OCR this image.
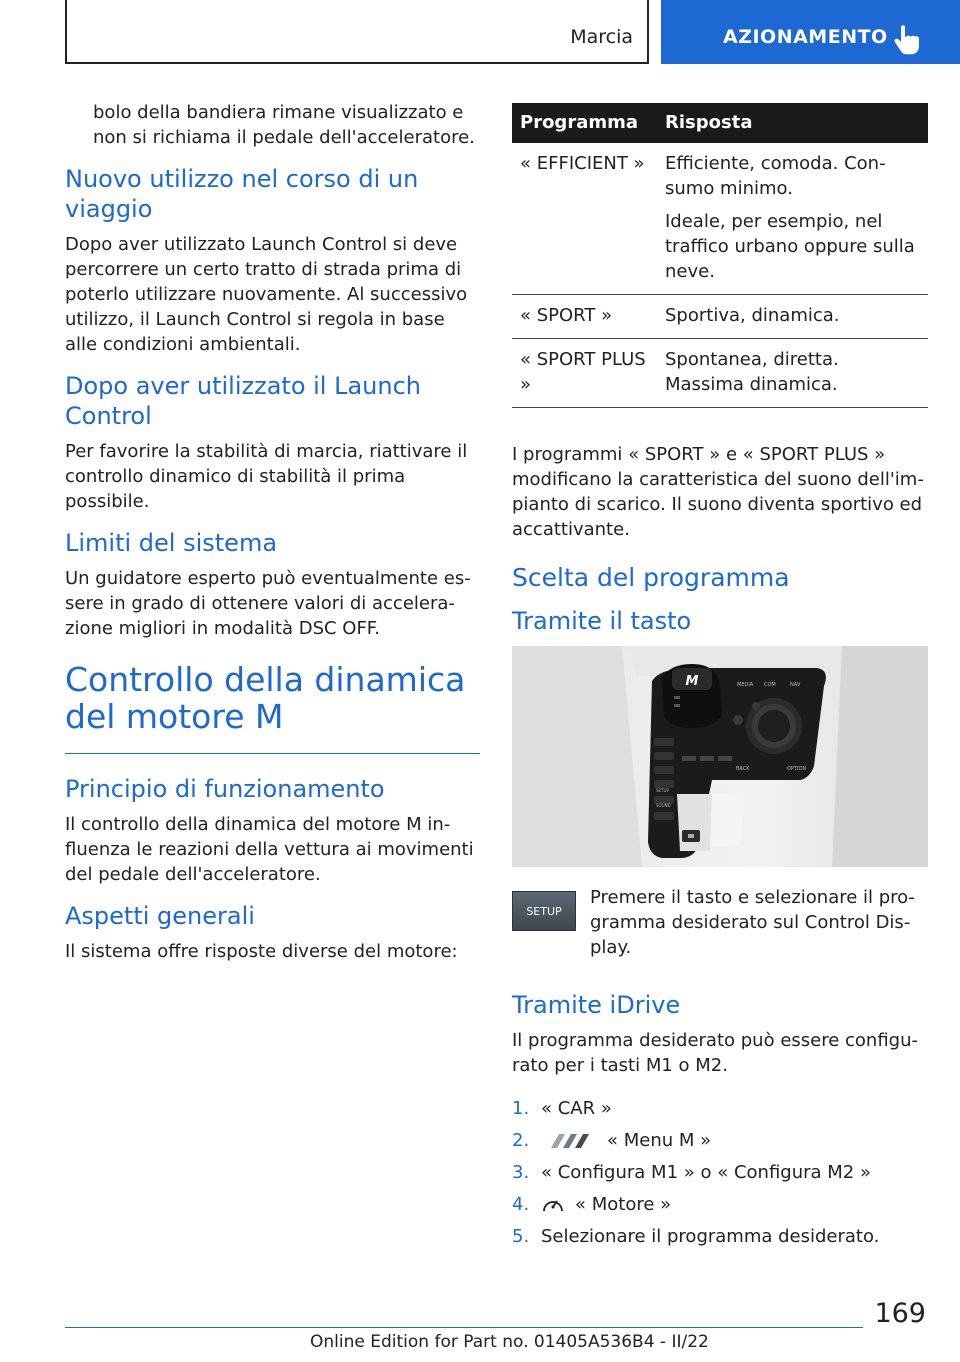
Marcia	AZIONAMENTO

bolo della bandiera rimane visualizzato e non si richiama il pedale dell'acceleratore.

Nuovo utilizzo nel corso di un viaggio

Dopo aver utilizzato Launch Control si deve percorrere un certo tratto di strada prima di poterlo utilizzare nuovamente. Al successivo utilizzo, il Launch Control si regola in base alle condizioni ambientali.

Dopo aver utilizzato il Launch Control

Per favorire la stabilità di marcia, riattivare il controllo dinamico di stabilità il prima possibile.

Limiti del sistema

Un guidatore esperto può eventualmente essere in grado di ottenere valori di accelerazione migliori in modalità DSC OFF.

Controllo della dinamica del motore M
Principio di funzionamento

Il controllo della dinamica del motore M influenza le reazioni della vettura ai movimenti del pedale dell'acceleratore.

Aspetti generali

Il sistema offre risposte diverse del motore:

Programma	Risposta
« EFFICIENT »	Efficiente, comoda. Consumo minimo.
Ideale, per esempio, nel traffico urbano oppure sulla neve.

« SPORT »	Sportiva, dinamica.
« SPORT PLUS »	Spontanea, diretta. Massima dinamica.

I programmi « SPORT » e « SPORT PLUS » modificano la caratteristica del suono dell'impianto di scarico. Il suono diventa sportivo ed accattivante.

Scelta del programma
Tramite il tasto
M	MEDIA COM	NAV
BACK	OPTION
SETUP
SOUND
SETUP

Premere il tasto e selezionare il programma desiderato sul Control Display.

Tramite iDrive

Il programma desiderato può essere configurato per i tasti M1 o M2.

1. « CAR »
2.	« Menu M »
3. « Configura M1 » o « Configura M2 »
4.	« Motore »
5. Selezionare il programma desiderato.
169
Online Edition for Part no. 01405A536B4 - II/22
